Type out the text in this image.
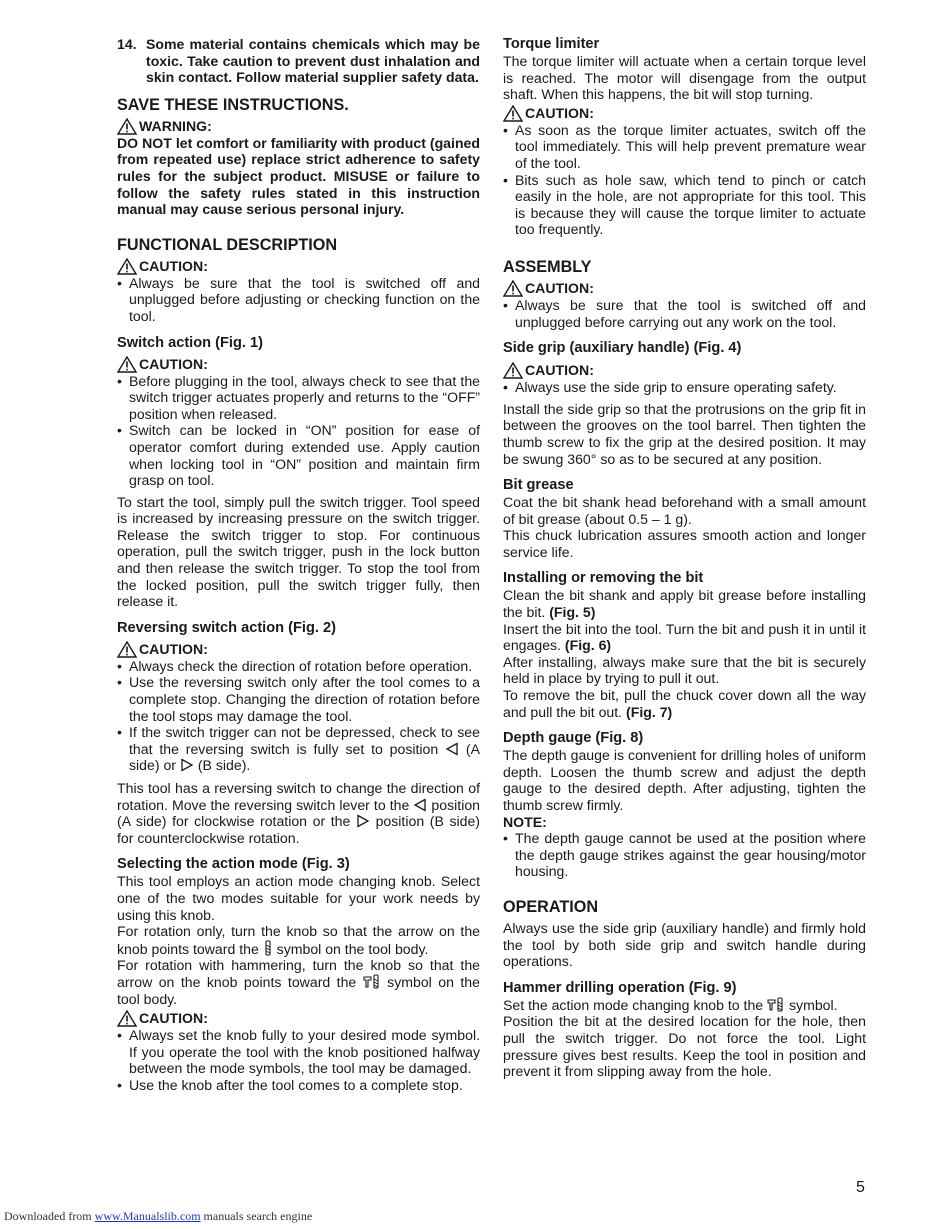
14. Some material contains chemicals which may be toxic. Take caution to prevent dust inhalation and skin contact. Follow material supplier safety data.
SAVE THESE INSTRUCTIONS.
WARNING:

DO NOT let comfort or familiarity with product (gained from repeated use) replace strict adherence to safety rules for the subject product. MISUSE or failure to follow the safety rules stated in this instruction manual may cause serious personal injury.

FUNCTIONAL DESCRIPTION
CAUTION:
• Always be sure that the tool is switched off and unplugged before adjusting or checking function on the tool.
Switch action (Fig. 1)
CAUTION:
• Before plugging in the tool, always check to see that the switch trigger actuates properly and returns to the “OFF” position when released.
• Switch can be locked in “ON” position for ease of operator comfort during extended use. Apply caution when locking tool in “ON” position and maintain firm grasp on tool.

To start the tool, simply pull the switch trigger. Tool speed is increased by increasing pressure on the switch trigger. Release the switch trigger to stop. For continuous operation, pull the switch trigger, push in the lock button and then release the switch trigger. To stop the tool from the locked position, pull the switch trigger fully, then release it.

Reversing switch action (Fig. 2)
CAUTION:
• Always check the direction of rotation before operation.
• Use the reversing switch only after the tool comes to a complete stop. Changing the direction of rotation before the tool stops may damage the tool.
• If the switch trigger can not be depressed, check to see that the reversing switch is fully set to position (A side) or (B side).

This tool has a reversing switch to change the direction of rotation. Move the reversing switch lever to the position (A side) for clockwise rotation or the position (B side) for counterclockwise rotation.

Selecting the action mode (Fig. 3)

This tool employs an action mode changing knob. Select one of the two modes suitable for your work needs by using this knob.

For rotation only, turn the knob so that the arrow on the knob points toward the symbol on the tool body.

For rotation with hammering, turn the knob so that the arrow on the knob points toward the symbol on the tool body.

CAUTION:
• Always set the knob fully to your desired mode symbol. If you operate the tool with the knob positioned halfway between the mode symbols, the tool may be damaged.
• Use the knob after the tool comes to a complete stop.
Torque limiter

The torque limiter will actuate when a certain torque level is reached. The motor will disengage from the output shaft. When this happens, the bit will stop turning.

CAUTION:
• As soon as the torque limiter actuates, switch off the tool immediately. This will help prevent premature wear of the tool.
• Bits such as hole saw, which tend to pinch or catch easily in the hole, are not appropriate for this tool. This is because they will cause the torque limiter to actuate too frequently.
ASSEMBLY
CAUTION:
• Always be sure that the tool is switched off and unplugged before carrying out any work on the tool.
Side grip (auxiliary handle) (Fig. 4)
CAUTION:
• Always use the side grip to ensure operating safety.

Install the side grip so that the protrusions on the grip fit in between the grooves on the tool barrel. Then tighten the thumb screw to fix the grip at the desired position. It may be swung 360° so as to be secured at any position.

Bit grease

Coat the bit shank head beforehand with a small amount of bit grease (about 0.5 – 1 g).

This chuck lubrication assures smooth action and longer service life.

Installing or removing the bit

Clean the bit shank and apply bit grease before installing the bit. (Fig. 5)

Insert the bit into the tool. Turn the bit and push it in until it engages. (Fig. 6)

After installing, always make sure that the bit is securely held in place by trying to pull it out.

To remove the bit, pull the chuck cover down all the way and pull the bit out. (Fig. 7)

Depth gauge (Fig. 8)

The depth gauge is convenient for drilling holes of uniform depth. Loosen the thumb screw and adjust the depth gauge to the desired depth. After adjusting, tighten the thumb screw firmly.

NOTE:
• The depth gauge cannot be used at the position where the depth gauge strikes against the gear housing/motor housing.
OPERATION

Always use the side grip (auxiliary handle) and firmly hold the tool by both side grip and switch handle during operations.

Hammer drilling operation (Fig. 9)

Set the action mode changing knob to the symbol.

Position the bit at the desired location for the hole, then pull the switch trigger. Do not force the tool. Light pressure gives best results. Keep the tool in position and prevent it from slipping away from the hole.

5
Downloaded from www.Manualslib.com manuals search engine
